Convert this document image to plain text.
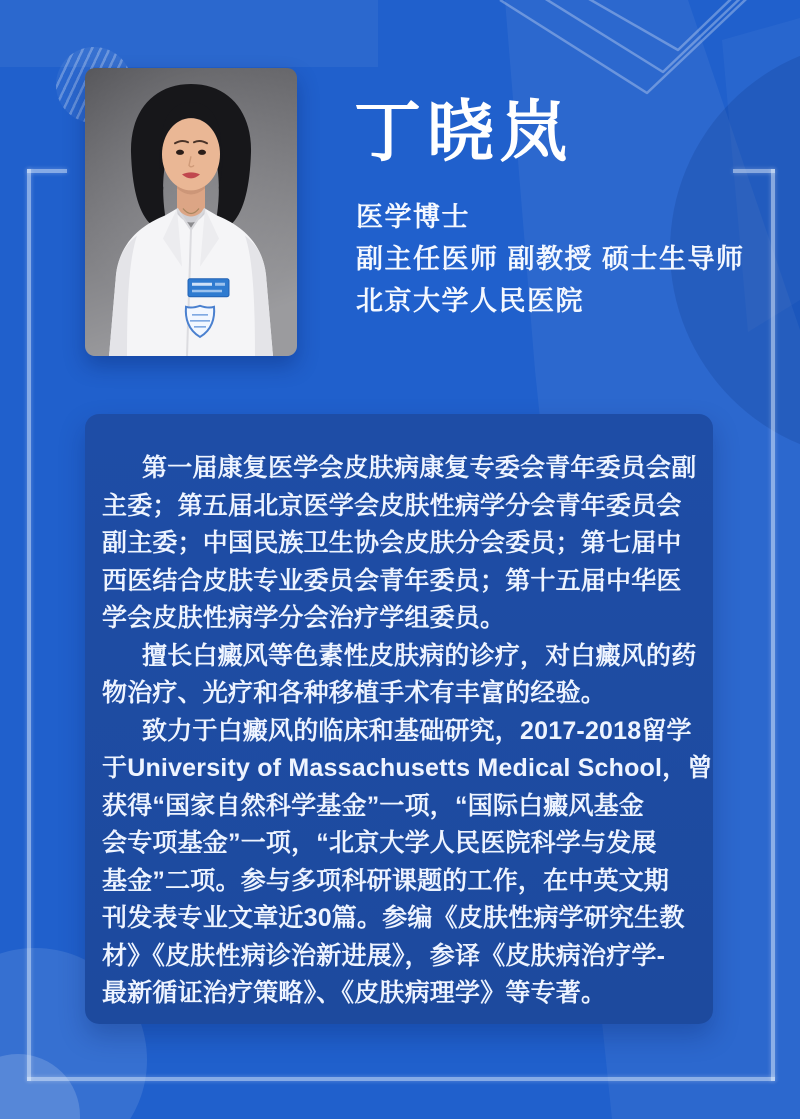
丁晓岚
医学博士
副主任医师 副教授 硕士生导师
北京大学人民医院
第一届康复医学会皮肤病康复专委会青年委员会副
主委；第五届北京医学会皮肤性病学分会青年委员会
副主委；中国民族卫生协会皮肤分会委员；第七届中
西医结合皮肤专业委员会青年委员；第十五届中华医
学会皮肤性病学分会治疗学组委员。
擅长白癜风等色素性皮肤病的诊疗，对白癜风的药
物治疗、光疗和各种移植手术有丰富的经验。
致力于白癜风的临床和基础研究，2017-2018留学
于University of Massachusetts Medical School，曾
获得“国家自然科学基金”一项，“国际白癜风基金
会专项基金”一项，“北京大学人民医院科学与发展
基金”二项。参与多项科研课题的工作，在中英文期
刊发表专业文章近30篇。参编《皮肤性病学研究生教
材》《皮肤性病诊治新进展》，参译《皮肤病治疗学-
最新循证治疗策略》、《皮肤病理学》等专著。
